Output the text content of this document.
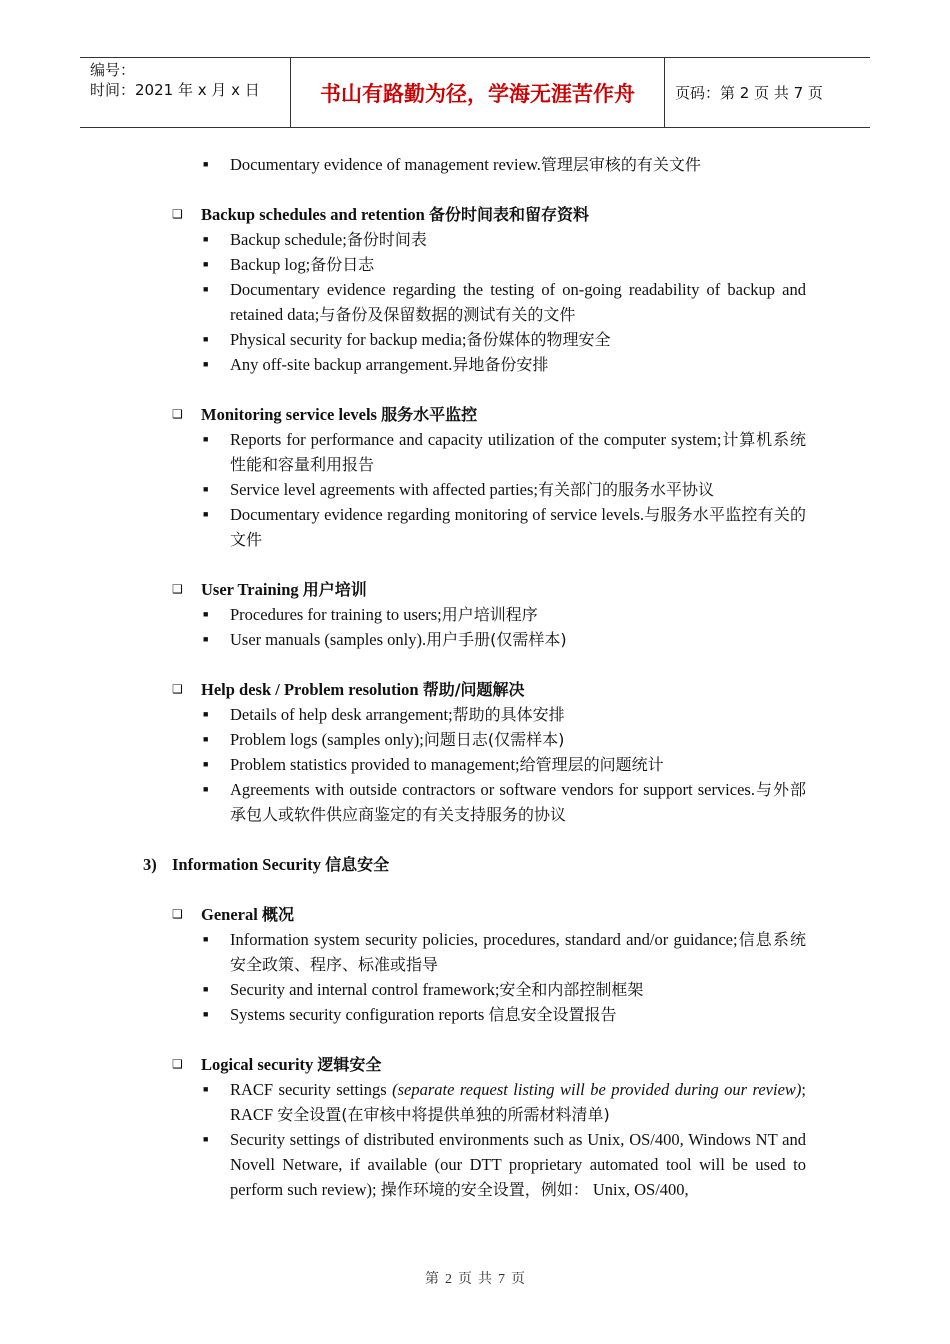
编号：
时间：2021 年 x 月 x 日	书山有路勤为径，学海无涯苦作舟	页码：第 2 页 共 7 页
■ Documentary evidence of management review.管理层审核的有关文件
❑ Backup schedules and retention 备份时间表和留存资料
■ Backup schedule;备份时间表
■ Backup log;备份日志
■ Documentary evidence regarding the testing of on-going readability of backup and retained data;与备份及保留数据的测试有关的文件
■ Physical security for backup media;备份媒体的物理安全
■ Any off-site backup arrangement.异地备份安排
❑ Monitoring service levels 服务水平监控
■ Reports for performance and capacity utilization of the computer system;计算机系统性能和容量利用报告
■ Service level agreements with affected parties;有关部门的服务水平协议
■ Documentary evidence regarding monitoring of service levels.与服务水平监控有关的文件
❑ User Training 用户培训
■ Procedures for training to users;用户培训程序
■ User manuals (samples only).用户手册(仅需样本)
❑ Help desk / Problem resolution 帮助/问题解决
■ Details of help desk arrangement;帮助的具体安排
■ Problem logs (samples only);问题日志(仅需样本)
■ Problem statistics provided to management;给管理层的问题统计
■ Agreements with outside contractors or software vendors for support services.与外部承包人或软件供应商鉴定的有关支持服务的协议
3) Information Security 信息安全
❑ General 概况
■ Information system security policies, procedures, standard and/or guidance;信息系统安全政策、程序、标准或指导
■ Security and internal control framework;安全和内部控制框架
■ Systems security configuration reports 信息安全设置报告
❑ Logical security 逻辑安全
■ RACF security settings (separate request listing will be provided during our review); RACF 安全设置(在审核中将提供单独的所需材料清单)
■ Security settings of distributed environments such as Unix, OS/400, Windows NT and Novell Netware, if available (our DTT proprietary automated tool will be used to perform such review); 操作环境的安全设置，例如： Unix, OS/400,
第 2 页 共 7 页
